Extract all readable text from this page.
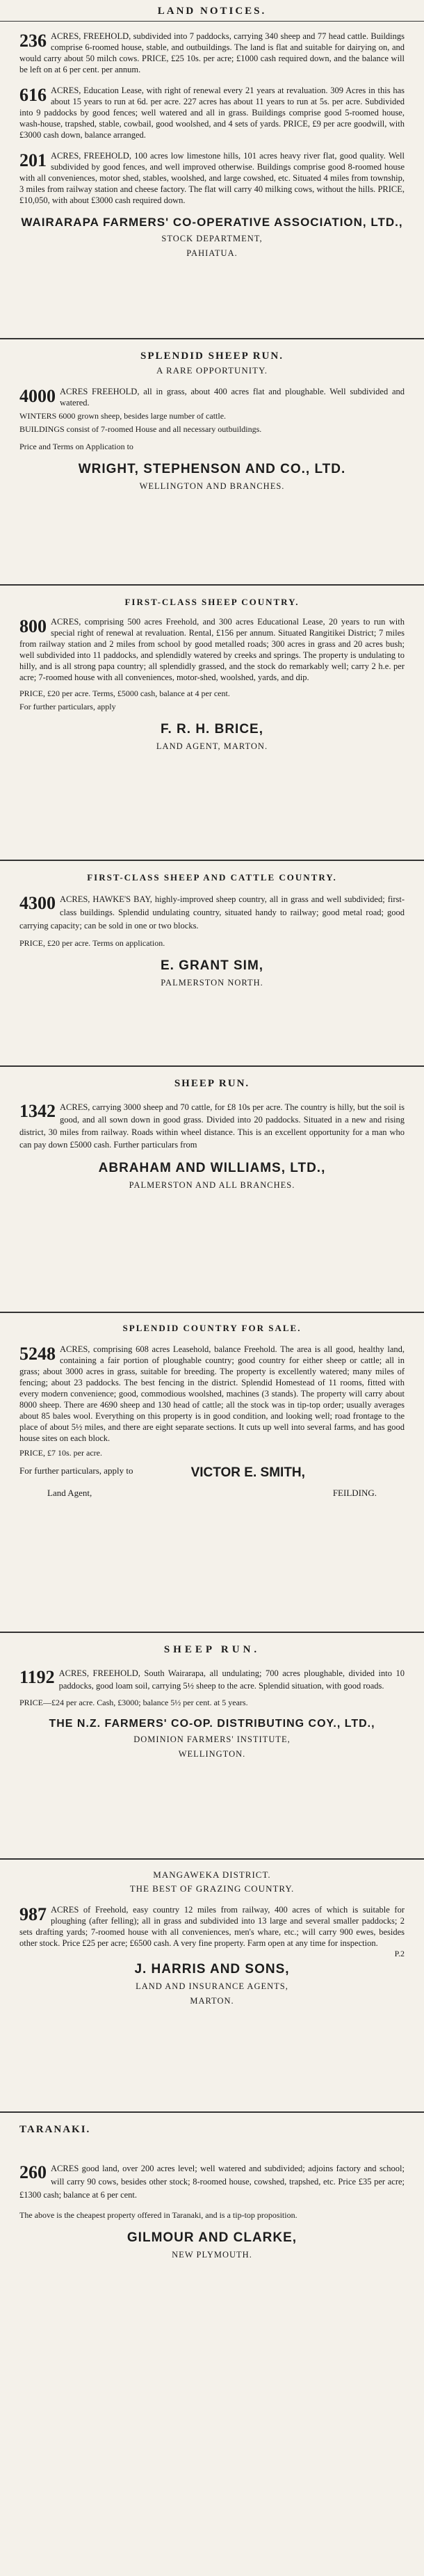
LAND NOTICES.
236 ACRES, FREEHOLD, subdivided into 7 paddocks, carrying 340 sheep and 77 head cattle. Buildings comprise 6-roomed house, stable, and outbuildings. The land is flat and suitable for dairying on, and would carry about 50 milch cows. PRICE, £25 10s. per acre; £1000 cash required down, and the balance will be left on at 6 per cent. per annum.

616 ACRES, Education Lease, with right of renewal every 21 years at revaluation. 309 Acres in this has about 15 years to run at 6d. per acre. 227 acres has about 11 years to run at 5s. per acre. Subdivided into 9 paddocks by good fences; well watered and all in grass. Buildings comprise good 5-roomed house, wash-house, trapshed, stable, cowbail, good woolshed, and 4 sets of yards. PRICE, £9 per acre goodwill, with £3000 cash down, balance arranged.

201 ACRES, FREEHOLD, 100 acres low limestone hills, 101 acres heavy river flat, good quality. Well subdivided by good fences, and well improved otherwise. Buildings comprise good 8-roomed house with all conveniences, motor shed, stables, woolshed, and large cowshed, etc. Situated 4 miles from township, 3 miles from railway station and cheese factory. The flat will carry 40 milking cows, without the hills. PRICE, £10,050, with about £3000 cash required down.

WAIRARAPA FARMERS' CO-OPERATIVE ASSOCIATION, LTD.,
STOCK DEPARTMENT,
PAHIATUA.
SPLENDID SHEEP RUN.
A RARE OPPORTUNITY.
4000 ACRES FREEHOLD, all in grass, about 400 acres flat and ploughable. Well subdivided and watered.

WINTERS 6000 grown sheep, besides large number of cattle.

BUILDINGS consist of 7-roomed House and all necessary outbuildings.

Price and Terms on Application to

WRIGHT, STEPHENSON AND CO., LTD.
WELLINGTON AND BRANCHES.
FIRST-CLASS SHEEP COUNTRY.
800 ACRES, comprising 500 acres Freehold, and 300 acres Educational Lease, 20 years to run with special right of renewal at revaluation. Rental, £156 per annum. Situated Rangitikei District; 7 miles from railway station and 2 miles from school by good metalled roads; 300 acres in grass and 20 acres bush; well subdivided into 11 paddocks, and splendidly watered by creeks and springs. The property is undulating to hilly, and is all strong papa country; all splendidly grassed, and the stock do remarkably well; carry 2 h.e. per acre; 7-roomed house with all conveniences, motor-shed, woolshed, yards, and dip.

PRICE, £20 per acre. Terms, £5000 cash, balance at 4 per cent.

For further particulars, apply

F. R. H. BRICE,
LAND AGENT, MARTON.
FIRST-CLASS SHEEP AND CATTLE COUNTRY.
4300 ACRES, HAWKE'S BAY, highly-improved sheep country, all in grass and well subdivided; first-class buildings. Splendid undulating country, situated handy to railway; good metal road; good carrying capacity; can be sold in one or two blocks.

PRICE, £20 per acre. Terms on application.

E. GRANT SIM,
PALMERSTON NORTH.
SHEEP RUN.
1342 ACRES, carrying 3000 sheep and 70 cattle, for £8 10s per acre. The country is hilly, but the soil is good, and all sown down in good grass. Divided into 20 paddocks. Situated in a new and rising district, 30 miles from railway. Roads within wheel distance. This is an excellent opportunity for a man who can pay down £5000 cash. Further particulars from

ABRAHAM AND WILLIAMS, LTD.,
PALMERSTON AND ALL BRANCHES.
SPLENDID COUNTRY FOR SALE.
5248 ACRES, comprising 608 acres Leasehold, balance Freehold. The area is all good, healthy land, containing a fair portion of ploughable country; good country for either sheep or cattle; all in grass; about 3000 acres in grass, suitable for breeding. The property is excellently watered; many miles of fencing; about 23 paddocks. The best fencing in the district. Splendid Homestead of 11 rooms, fitted with every modern convenience; good, commodious woolshed, machines (3 stands). The property will carry about 8000 sheep. There are 4690 sheep and 130 head of cattle; all the stock was in tip-top order; usually averages about 85 bales wool. Everything on this property is in good condition, and looking well; road frontage to the place of about 5½ miles, and there are eight separate sections. It cuts up well into several farms, and has good house sites on each block.

PRICE, £7 10s. per acre.

For further particulars, apply to	VICTOR E. SMITH,
Land Agent,	FEILDING.
SHEEP RUN.
1192 ACRES, FREEHOLD, South Wairarapa, all undulating; 700 acres ploughable, divided into 10 paddocks, good loam soil, carrying 5½ sheep to the acre. Splendid situation, with good roads.

PRICE—£24 per acre. Cash, £3000; balance 5½ per cent. at 5 years.

THE N.Z. FARMERS' CO-OP. DISTRIBUTING COY., LTD.,
DOMINION FARMERS' INSTITUTE,
WELLINGTON.
MANGAWEKA DISTRICT.
THE BEST OF GRAZING COUNTRY.
987 ACRES of Freehold, easy country 12 miles from railway, 400 acres of which is suitable for ploughing (after felling); all in grass and subdivided into 13 large and several smaller paddocks; 2 sets drafting yards; 7-roomed house with all conveniences, men's whare, etc.; will carry 900 ewes, besides other stock. Price £25 per acre; £6500 cash. A very fine property. Farm open at any time for inspection.

P.2
J. HARRIS AND SONS,
LAND AND INSURANCE AGENTS,
MARTON.
TARANAKI.
260 ACRES good land, over 200 acres level; well watered and subdivided; adjoins factory and school; will carry 90 cows, besides other stock; 8-roomed house, cowshed, trapshed, etc. Price £35 per acre; £1300 cash; balance at 6 per cent.

The above is the cheapest property offered in Taranaki, and is a tip-top proposition.

GILMOUR AND CLARKE,
NEW PLYMOUTH.
